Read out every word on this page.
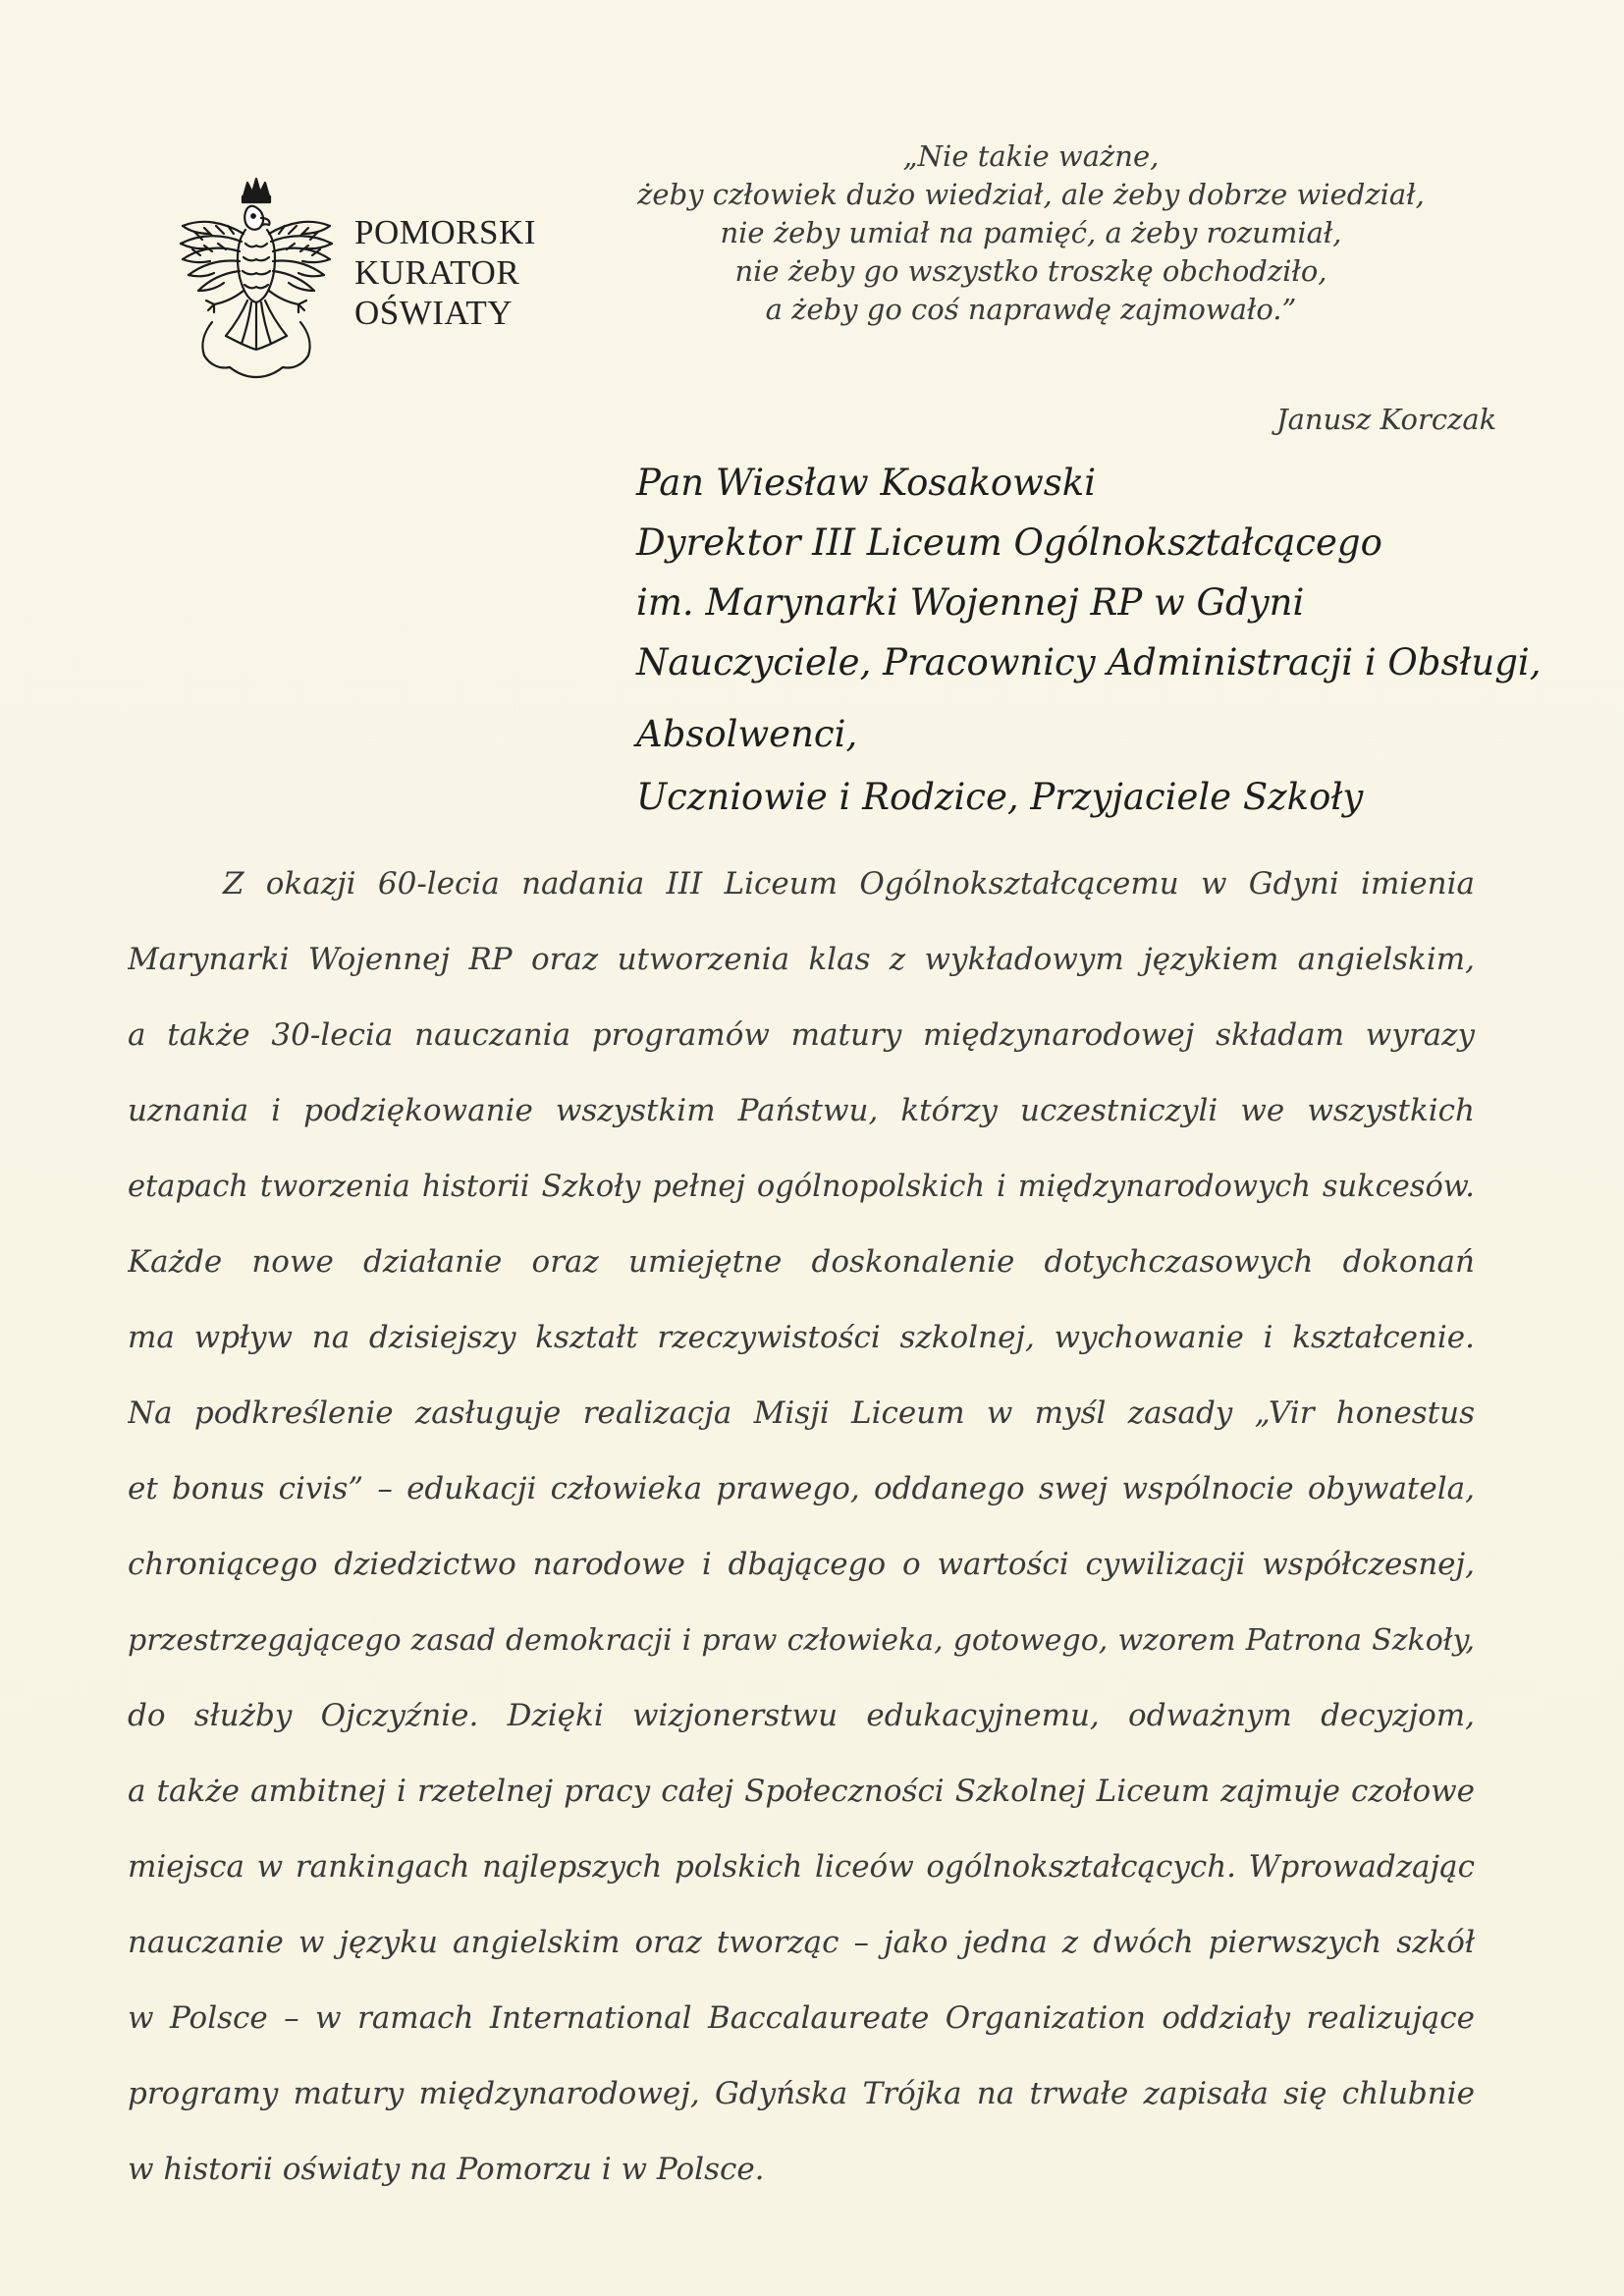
POMORSKI
KURATOR
OŚWIATY
„Nie takie ważne,
żeby człowiek dużo wiedział, ale żeby dobrze wiedział,
nie żeby umiał na pamięć, a żeby rozumiał,
nie żeby go wszystko troszkę obchodziło,
a żeby go coś naprawdę zajmowało.”
Janusz Korczak
Pan Wiesław Kosakowski
Dyrektor III Liceum Ogólnokształcącego
im. Marynarki Wojennej RP w Gdyni
Nauczyciele, Pracownicy Administracji i Obsługi,
Absolwenci,
Uczniowie i Rodzice, Przyjaciele Szkoły
Z okazji 60-lecia nadania III Liceum Ogólnokształcącemu w Gdyni imienia
Marynarki Wojennej RP oraz utworzenia klas z wykładowym językiem angielskim,
a także 30-lecia nauczania programów matury międzynarodowej składam wyrazy
uznania i podziękowanie wszystkim Państwu, którzy uczestniczyli we wszystkich
etapach tworzenia historii Szkoły pełnej ogólnopolskich i międzynarodowych sukcesów.
Każde nowe działanie oraz umiejętne doskonalenie dotychczasowych dokonań
ma wpływ na dzisiejszy kształt rzeczywistości szkolnej, wychowanie i kształcenie.
Na podkreślenie zasługuje realizacja Misji Liceum w myśl zasady „Vir honestus
et bonus civis” – edukacji człowieka prawego, oddanego swej wspólnocie obywatela,
chroniącego dziedzictwo narodowe i dbającego o wartości cywilizacji współczesnej,
przestrzegającego zasad demokracji i praw człowieka, gotowego, wzorem Patrona Szkoły,
do służby Ojczyźnie. Dzięki wizjonerstwu edukacyjnemu, odważnym decyzjom,
a także ambitnej i rzetelnej pracy całej Społeczności Szkolnej Liceum zajmuje czołowe
miejsca w rankingach najlepszych polskich liceów ogólnokształcących. Wprowadzając
nauczanie w języku angielskim oraz tworząc – jako jedna z dwóch pierwszych szkół
w Polsce – w ramach International Baccalaureate Organization oddziały realizujące
programy matury międzynarodowej, Gdyńska Trójka na trwałe zapisała się chlubnie
w historii oświaty na Pomorzu i w Polsce.
